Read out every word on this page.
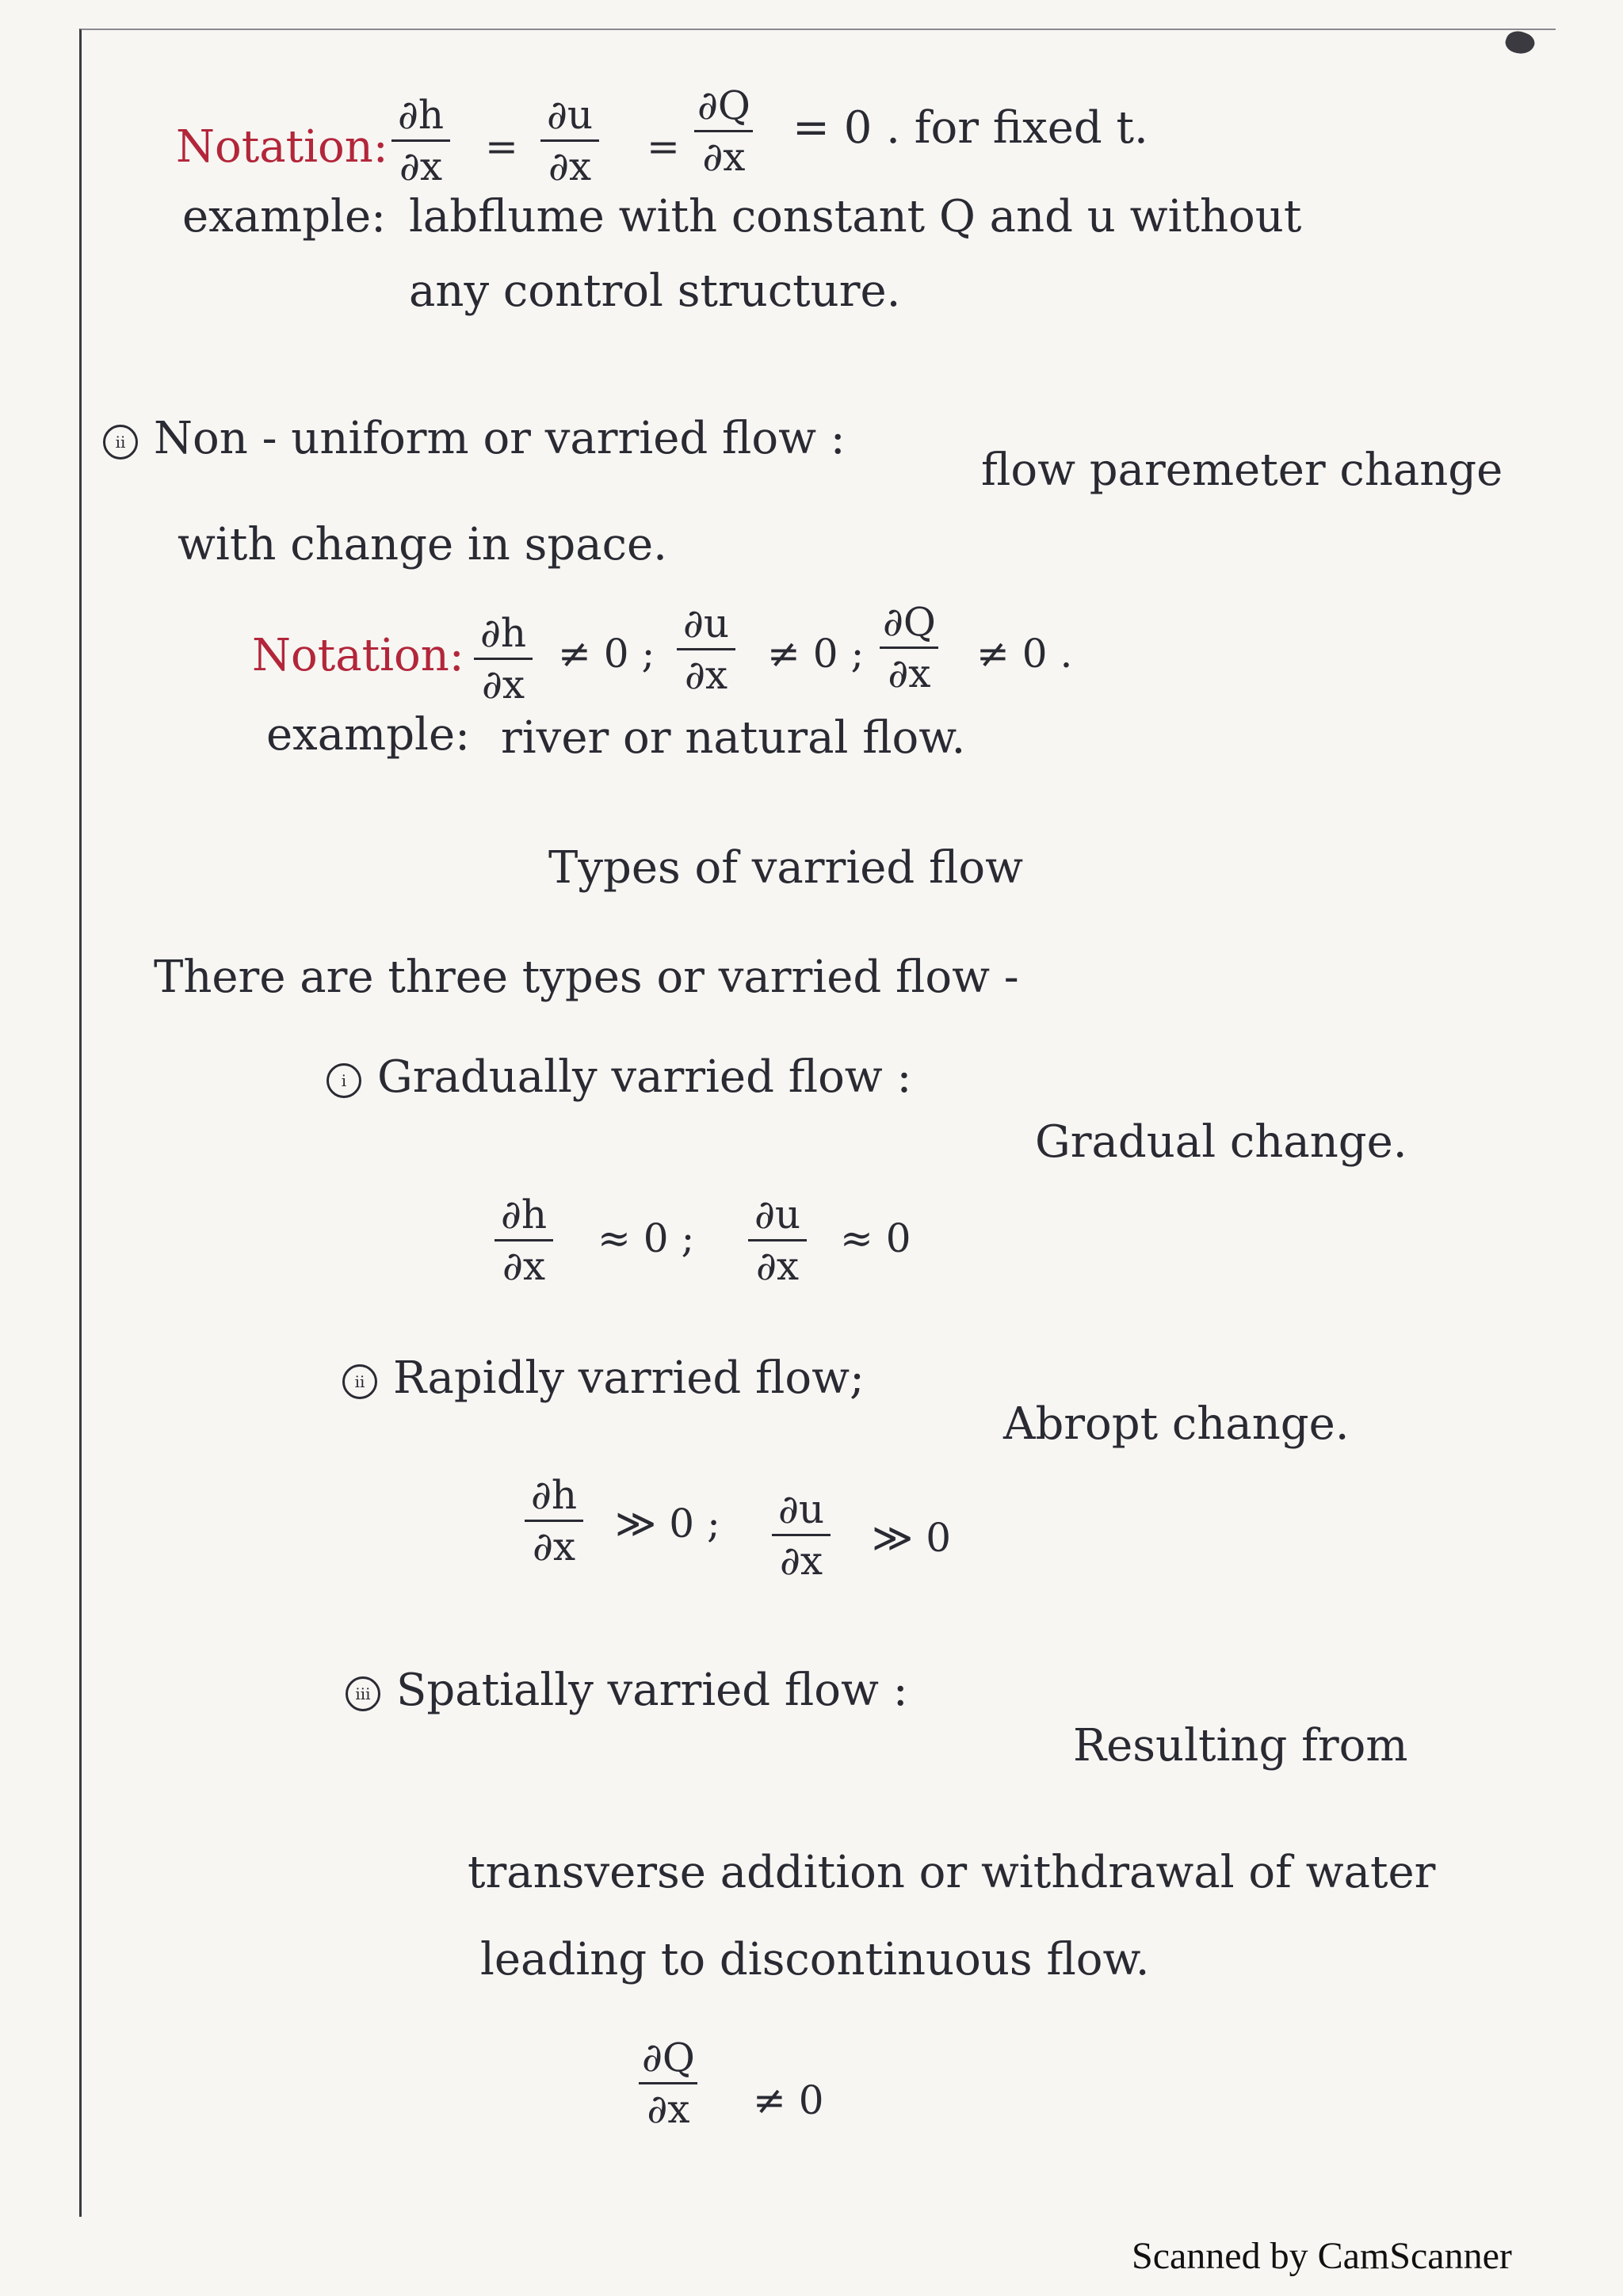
Notation: $\frac{\partial h}{\partial x} = \frac{\partial u}{\partial x} = \frac{\partial Q}{\partial x} = 0$ . for fixed t.
example: labflume with constant Q and u without
any control structure.
ii Non - uniform or varried flow :
flow paremeter change
with change in space.
Notation: $\frac{\partial h}{\partial x} \ne 0$ ; $\frac{\partial u}{\partial x} \ne 0$ ; $\frac{\partial Q}{\partial x} \ne 0$ .
example: river or natural flow.
Types of varried flow
There are three types or varried flow -
i Gradually varried flow :
Gradual change.
$\frac{\partial h}{\partial x} \approx 0$ ; $\frac{\partial u}{\partial x} \approx 0$
ii Rapidly varried flow;
Abropt change.
$\frac{\partial h}{\partial x}$ ≫ 0 ; $\frac{\partial u}{\partial x}$ ≫ 0
iii Spatially varried flow :
Resulting from
transverse addition or withdrawal of water
leading to discontinuous flow.
$\frac{\partial Q}{\partial x} \ne 0$
Scanned by CamScanner
